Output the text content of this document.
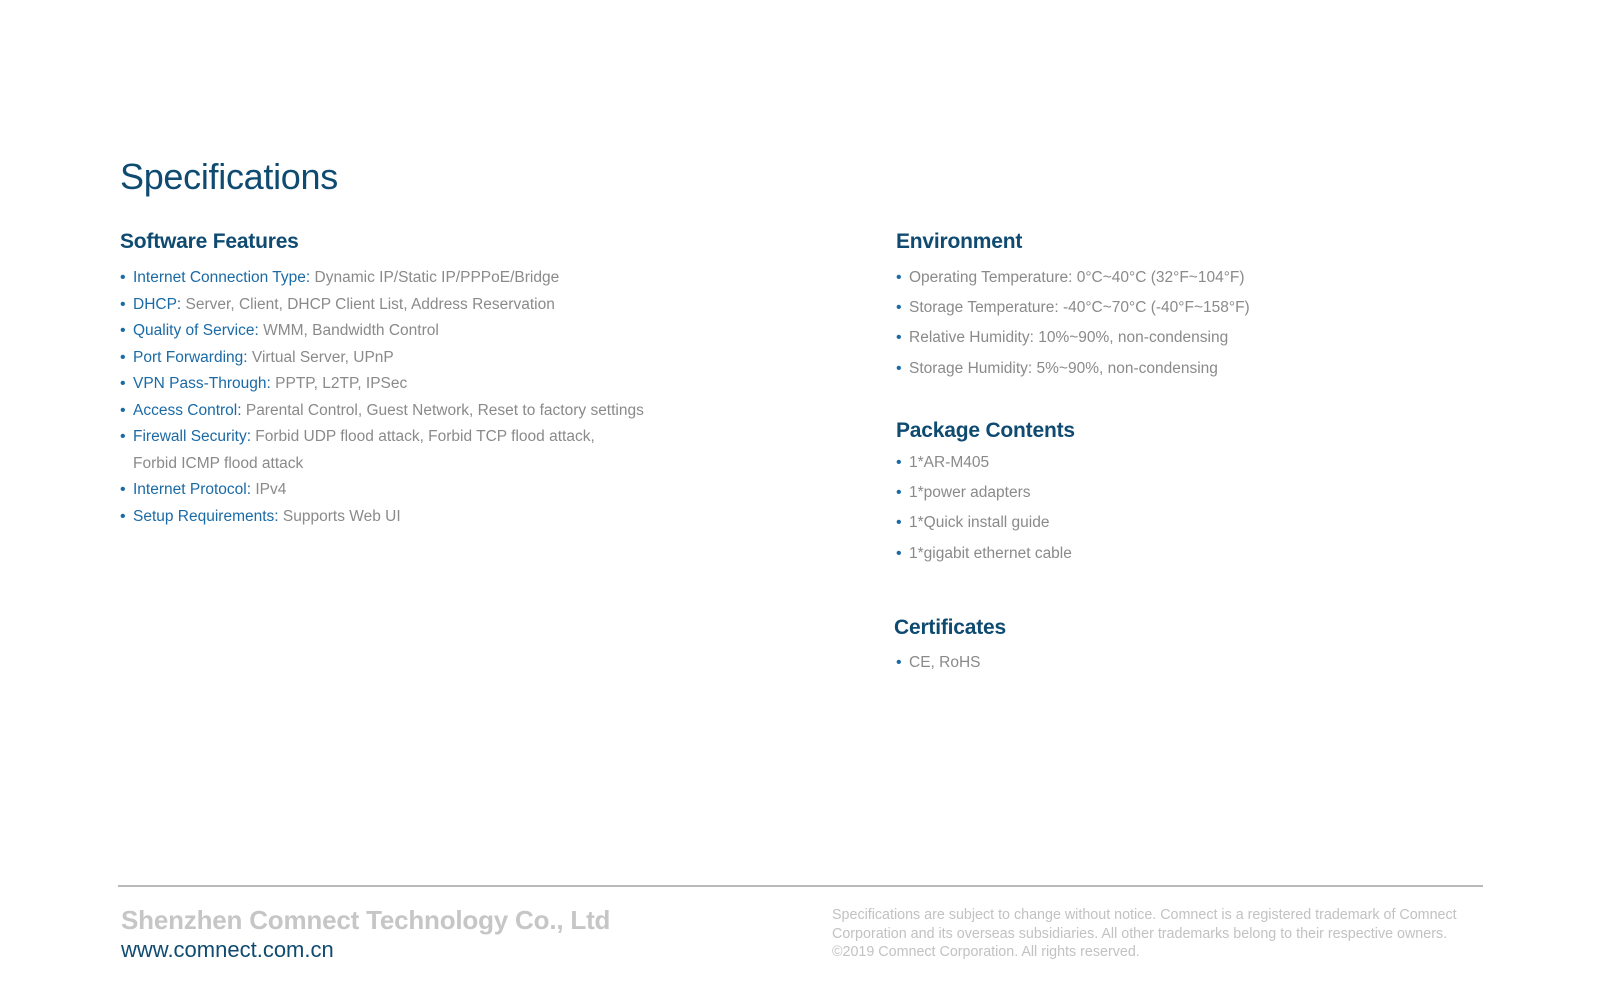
Specifications
Software Features
• Internet Connection Type: Dynamic IP/Static IP/PPPoE/Bridge
• DHCP: Server, Client, DHCP Client List, Address Reservation
• Quality of Service: WMM, Bandwidth Control
• Port Forwarding: Virtual Server, UPnP
• VPN Pass-Through: PPTP, L2TP, IPSec
• Access Control: Parental Control, Guest Network, Reset to factory settings
• Firewall Security: Forbid UDP flood attack, Forbid TCP flood attack,
Forbid ICMP flood attack
• Internet Protocol: IPv4
• Setup Requirements: Supports Web UI
Environment
• Operating Temperature: 0°C~40°C (32°F~104°F)
• Storage Temperature: -40°C~70°C (-40°F~158°F)
• Relative Humidity: 10%~90%, non-condensing
• Storage Humidity: 5%~90%, non-condensing
Package Contents
• 1*AR-M405
• 1*power adapters
• 1*Quick install guide
• 1*gigabit ethernet cable
Certificates
• CE, RoHS
Shenzhen Comnect Technology Co., Ltd
www.comnect.com.cn

Specifications are subject to change without notice. Comnect is a registered trademark of Comnect
Corporation and its overseas subsidiaries. All other trademarks belong to their respective owners.
©2019 Comnect Corporation. All rights reserved.
